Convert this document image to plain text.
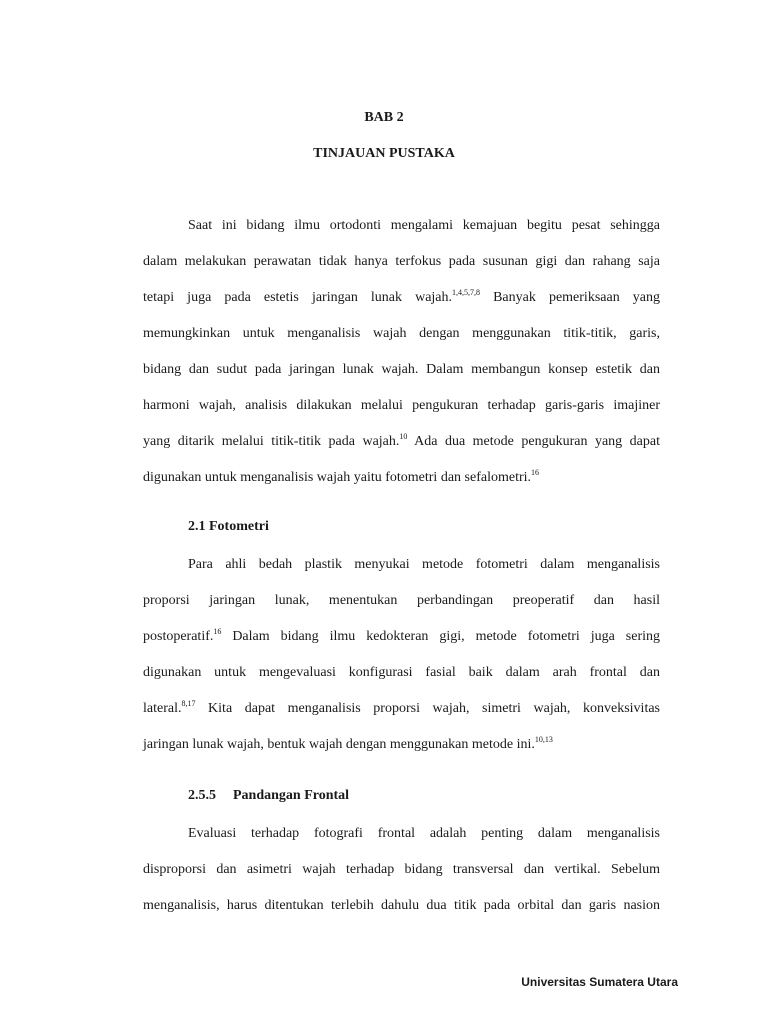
BAB 2
TINJAUAN PUSTAKA
Saat ini bidang ilmu ortodonti mengalami kemajuan begitu pesat sehingga
dalam melakukan perawatan tidak hanya terfokus pada susunan gigi dan rahang saja
tetapi juga pada estetis jaringan lunak wajah.$^{1,4,5,7,8}$ Banyak pemeriksaan yang
memungkinkan untuk menganalisis wajah dengan menggunakan titik-titik, garis,
bidang dan sudut pada jaringan lunak wajah. Dalam membangun konsep estetik dan
harmoni wajah, analisis dilakukan melalui pengukuran terhadap garis-garis imajiner
yang ditarik melalui titik-titik pada wajah.$^{10}$ Ada dua metode pengukuran yang dapat
digunakan untuk menganalisis wajah yaitu fotometri dan sefalometri.$^{16}$
2.1 Fotometri
Para ahli bedah plastik menyukai metode fotometri dalam menganalisis
proporsi jaringan lunak, menentukan perbandingan preoperatif dan hasil
postoperatif.$^{16}$ Dalam bidang ilmu kedokteran gigi, metode fotometri juga sering
digunakan untuk mengevaluasi konfigurasi fasial baik dalam arah frontal dan
lateral.$^{8,17}$ Kita dapat menganalisis proporsi wajah, simetri wajah, konveksivitas
jaringan lunak wajah, bentuk wajah dengan menggunakan metode ini.$^{10,13}$
2.5.5 Pandangan Frontal
Evaluasi terhadap fotografi frontal adalah penting dalam menganalisis
disproporsi dan asimetri wajah terhadap bidang transversal dan vertikal. Sebelum
menganalisis, harus ditentukan terlebih dahulu dua titik pada orbital dan garis nasion
Universitas Sumatera Utara
